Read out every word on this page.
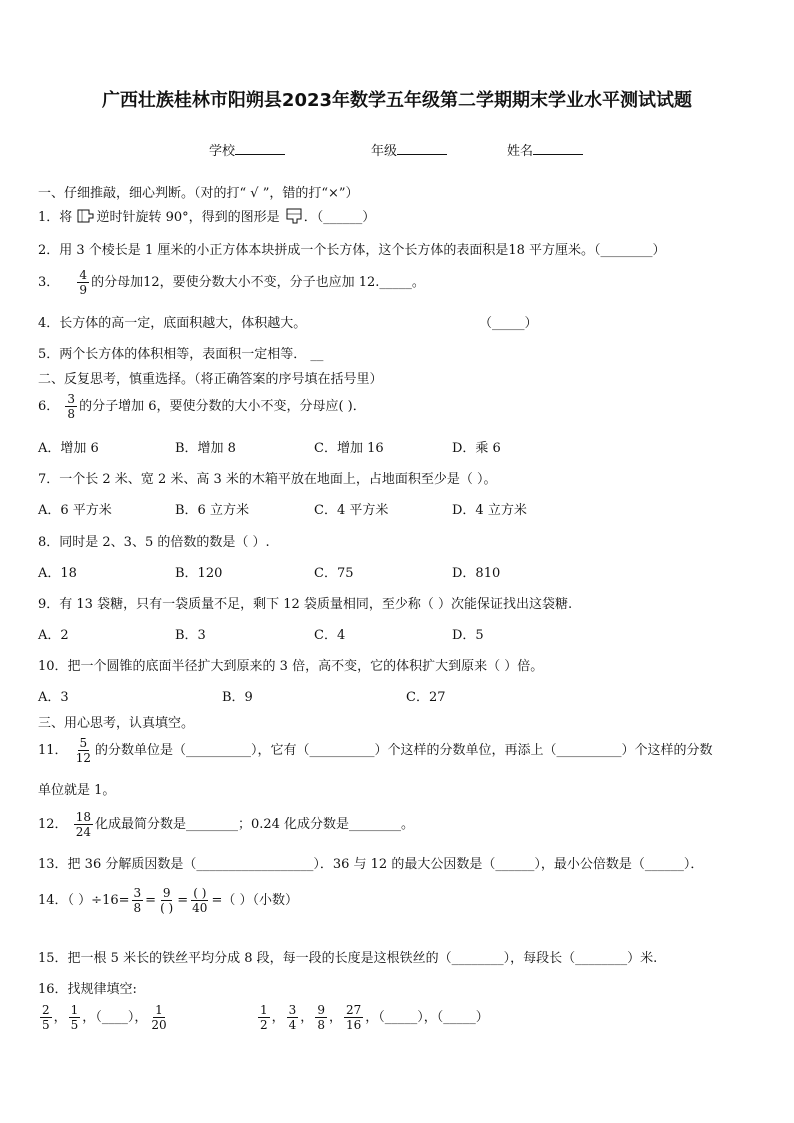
广西壮族桂林市阳朔县2023年数学五年级第二学期期末学业水平测试试题
学校	年级	姓名
一、仔细推敲，细心判断。（对的打“ √ ”，错的打“×”）
1．将 逆时针旋转 90°，得到的图形是 ．（______）
2．用 3 个棱长是 1 厘米的小正方体本块拼成一个长方体，这个长方体的表面积是18 平方厘米。（________）
3． $\frac{4}{9}$ 的分母加12，要使分数大小不变，分子也应加 12._____。
4．长方体的高一定，底面积越大，体积越大。	（_____）
5．两个长方体的体积相等，表面积一定相等． __
二、反复思考，慎重选择。（将正确答案的序号填在括号里）
6． $\frac{3}{8}$ 的分子增加 6，要使分数的大小不变，分母应( )．
A．增加 6	B．增加 8	C．增加 16	D．乘 6
7．一个长 2 米、宽 2 米、高 3 米的木箱平放在地面上，占地面积至少是（ ）。
A．6 平方米	B．6 立方米	C．4 平方米	D．4 立方米
8．同时是 2、3、5 的倍数的数是（ ）.
A．18	B．120	C．75	D．810
9．有 13 袋糖，只有一袋质量不足，剩下 12 袋质量相同，至少称（ ）次能保证找出这袋糖.
A．2	B．3	C．4	D．5
10．把一个圆锥的底面半径扩大到原来的 3 倍，高不变，它的体积扩大到原来（ ）倍。
A．3	B．9	C．27
三、用心思考，认真填空。
11． $\frac{5}{12}$ 的分数单位是（__________），它有（__________）个这样的分数单位，再添上（__________）个这样的分数
单位就是 1。
12． $\frac{18}{24}$ 化成最简分数是________；0.24 化成分数是________。
13．把 36 分解质因数是（__________________）．36 与 12 的最大公因数是（______），最小公倍数是（______）．
14．（ ）$\div 16= \frac{3}{8} = \frac{9}{( )} = \frac{( )}{40}$ =（ ）（小数）
15．把一根 5 米长的铁丝平均分成 8 段，每一段的长度是这根铁丝的（________），每段长（________）米.
16．找规律填空:
$\frac{2}{5}$ ， $\frac{1}{5}$ ，（____）， $\frac{1}{20}$	$\frac{1}{2}$ ， $\frac{3}{4}$ ， $\frac{9}{8}$ ， $\frac{27}{16}$ ，（_____），（_____）
